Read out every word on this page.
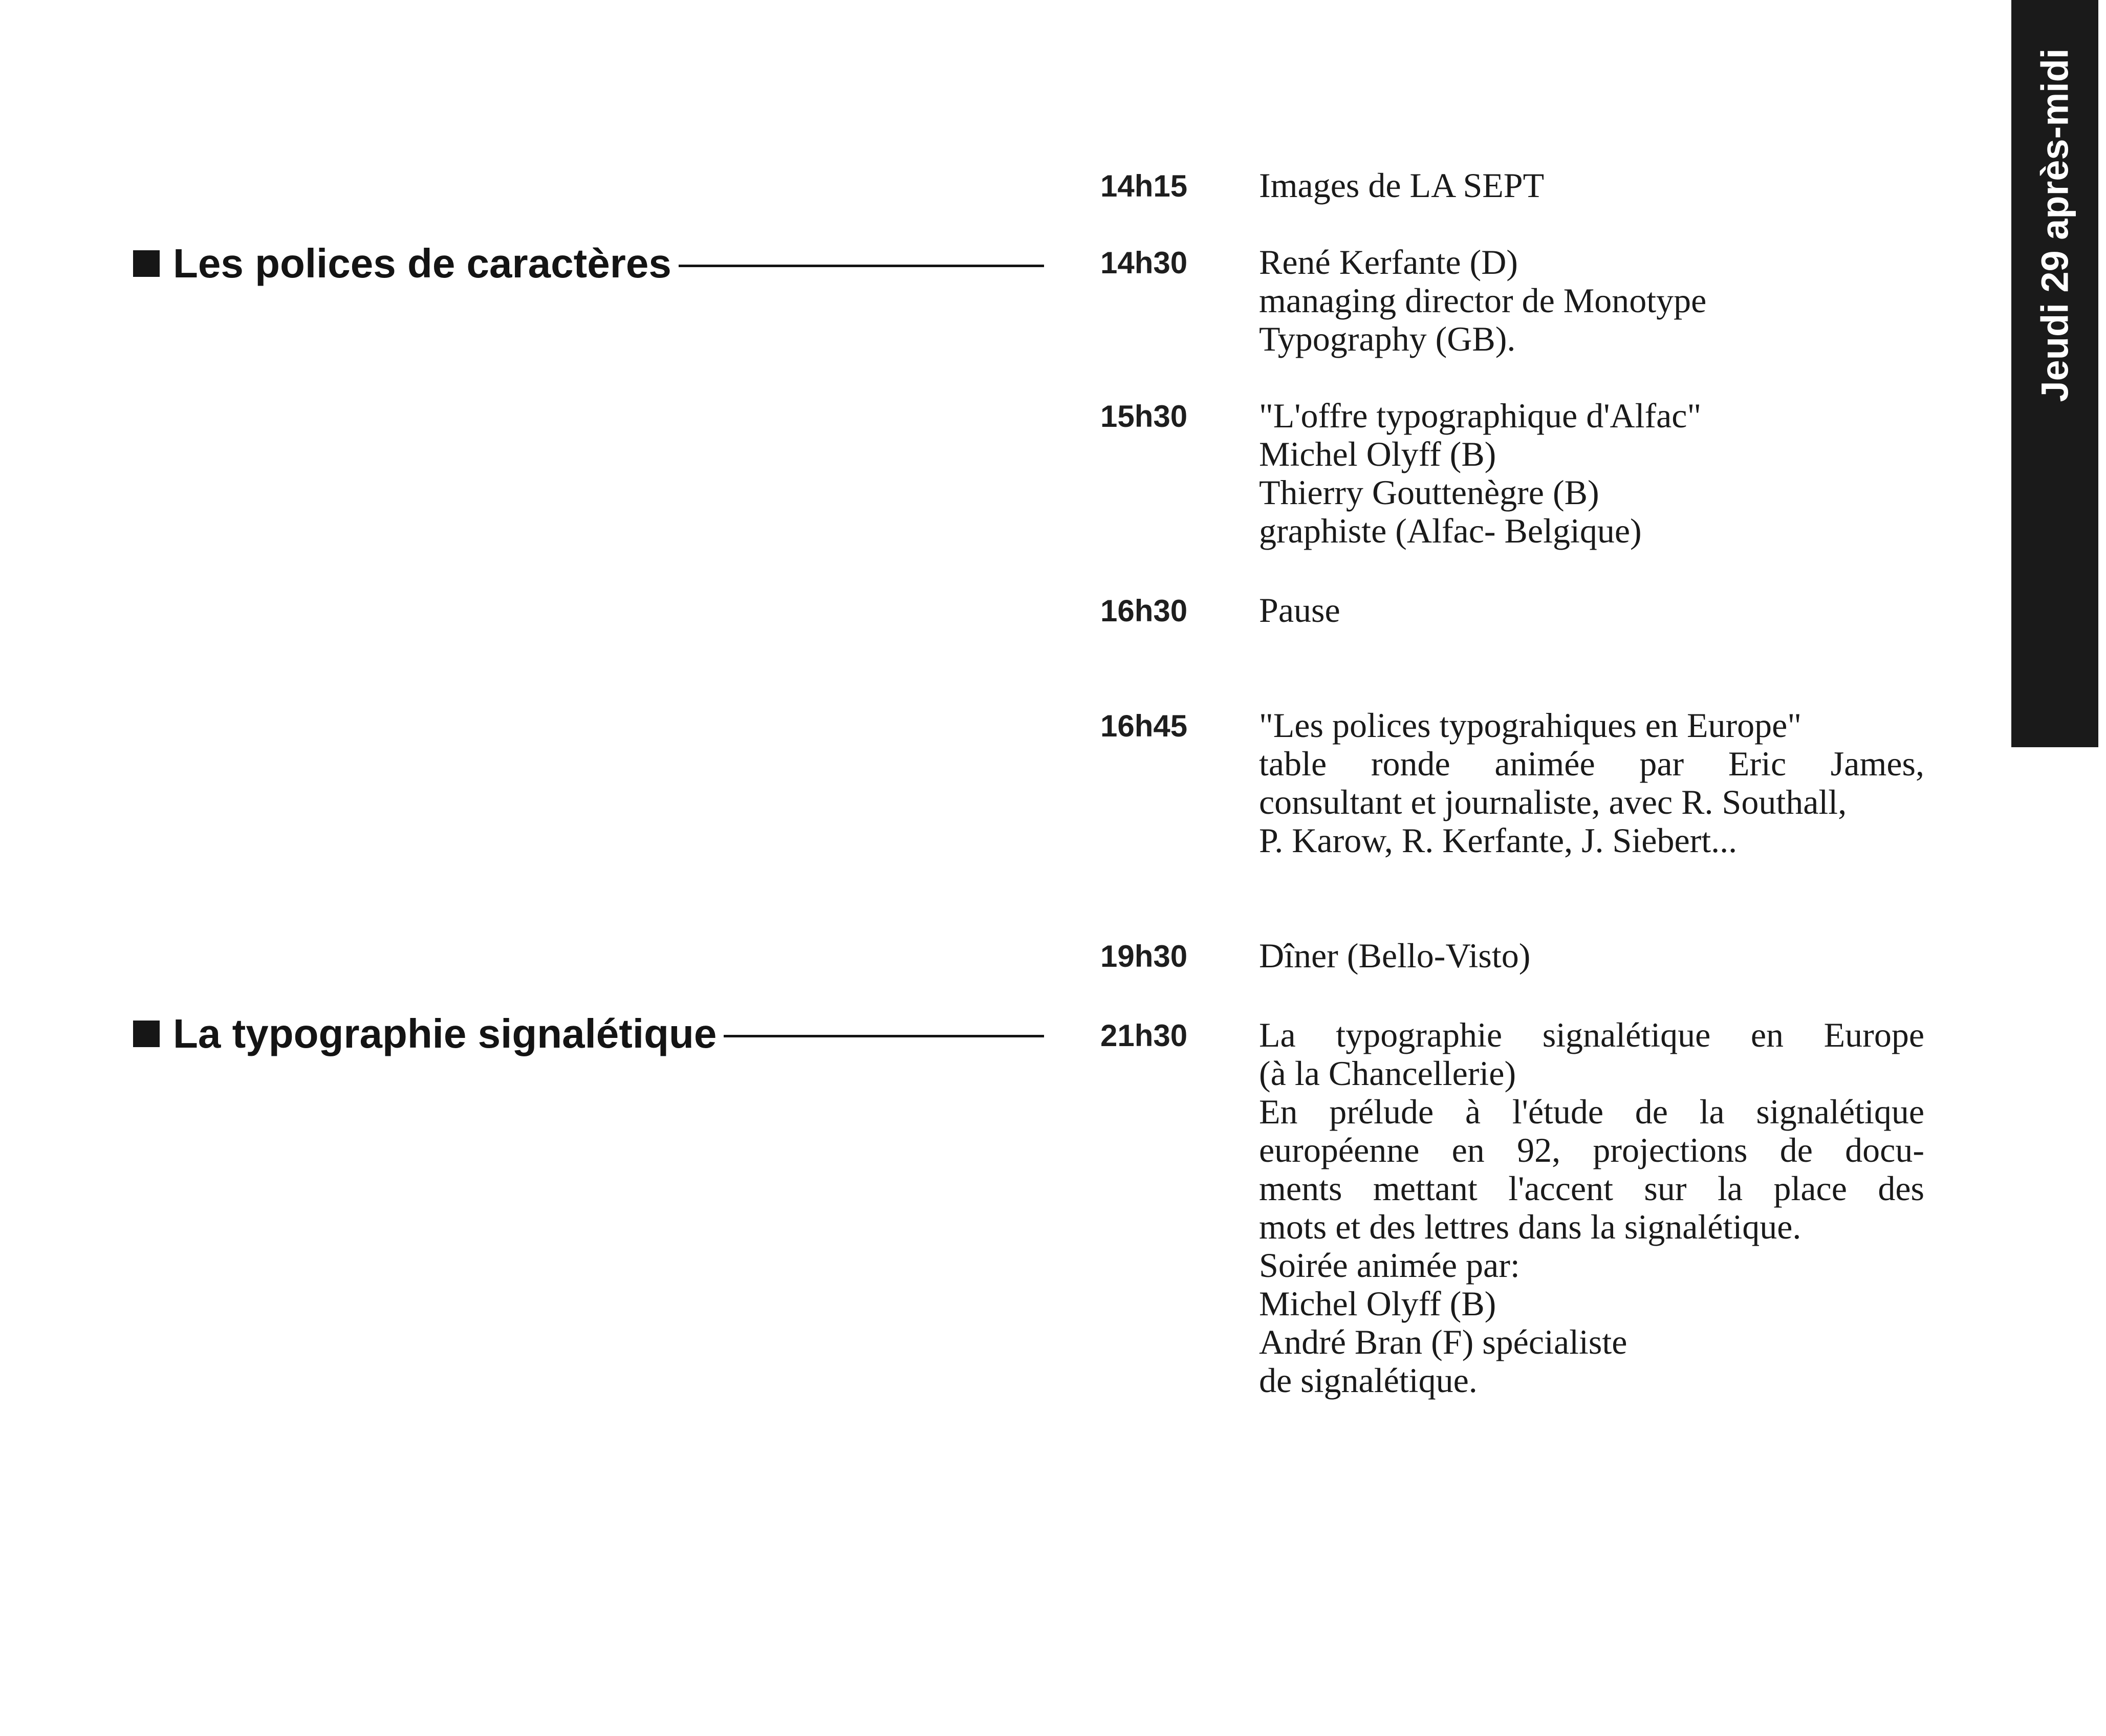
Les polices de caractères
La typographie signalétique
14h15	Images de LA SEPT
14h30	René Kerfante (D)
managing director de Monotype
Typography (GB).
15h30	"L'offre typographique d'Alfac"
Michel Olyff (B)
Thierry Gouttenègre (B)
graphiste (Alfac- Belgique)
16h30	Pause
16h45	"Les polices typograhiques en Europe"
table ronde animée par Eric James,
consultant et journaliste, avec R. Southall,
P. Karow, R. Kerfante, J. Siebert...
19h30	Dîner (Bello-Visto)
21h30	La typographie signalétique en Europe
(à la Chancellerie)
En prélude à l'étude de la signalétique
européenne en 92, projections de docu-
ments mettant l'accent sur la place des
mots et des lettres dans la signalétique.
Soirée animée par:
Michel Olyff (B)
André Bran (F) spécialiste
de signalétique.
Jeudi 29 après-midi
